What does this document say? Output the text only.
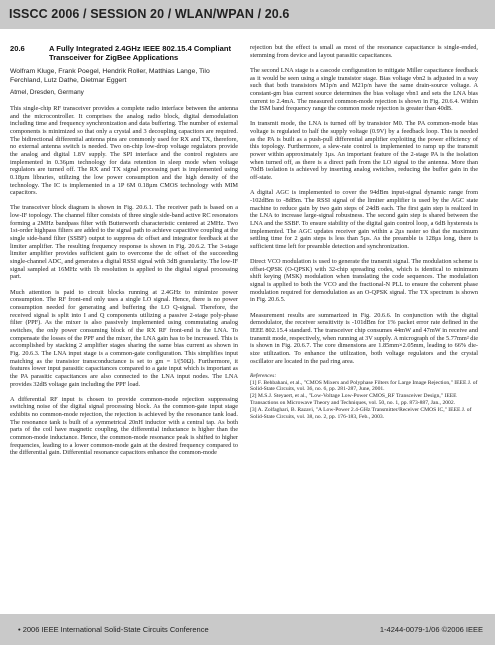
ISSCC 2006 / SESSION 20 / WLAN/WPAN / 20.6
20.6	A Fully Integrated 2.4GHz IEEE 802.15.4 Compliant Transceiver for ZigBee Applications
Wolfram Kluge, Frank Poegel, Hendrik Roller, Matthias Lange, Tilo Ferchland, Lutz Dathe, Dietmar Eggert
Atmel, Dresden, Germany

This single-chip RF transceiver provides a complete radio interface between the antenna and the microcontroller. It comprises the analog radio block, digital demodulation including time and frequency synchronization and data buffering. The number of external components is minimized so that only a crystal and 3 decoupling capacitors are required. The bidirectional differential antenna pins are commonly used for RX and TX, therefore, no external antenna switch is needed. Two on-chip low-drop voltage regulators provide the analog and digital 1.8V supply. The SPI interface and the control registers are implemented in 0.36µm technology for data retention in sleep mode when voltage regulators are turned off. The RX and TX signal processing part is implemented using 0.18µm libraries, utilizing the low power consumption and the high density of the technology. The IC is implemented in a 1P 6M 0.18µm CMOS technology with MIM capacitors.

The transceiver block diagram is shown in Fig. 20.6.1. The receiver path is based on a low-IF topology. The channel filter consists of three single side-band active RC resonators forming a 2MHz bandpass filter with Butterworth characteristic centered at 2MHz. Two 1st-order highpass filters are added to the signal path to achieve capacitive coupling at the single side-band filter (SSBF) output to suppress dc offset and integrator feedback at the limiter amplifier. The resulting frequency response is shown in Fig. 20.6.2. The 3-stage limiter amplifier provides sufficient gain to overcome the dc offset of the succeeding single-channel ADC, and generates a digital RSSI signal with 3dB granularity. The low-IF signal sampled at 16MHz with 1b resolution is applied to the digital signal processing part.

Much attention is paid to circuit blocks running at 2.4GHz to minimize power consumption. The RF front-end only uses a single LO signal. Hence, there is no power consumption needed for generating and buffering the LO Q-signal. Therefore, the received signal is split into I and Q components utilizing a passive 2-stage poly-phase filter (PPF). As the mixer is also passively implemented using commutating analog switches, the only power consuming block of the RX RF front-end is the LNA. To compensate the losses of the PPF and the mixer, the LNA gain has to be increased. This is accomplished by stacking 2 amplifier stages sharing the same bias current as shown in Fig. 20.6.3. The LNA input stage is a common-gate configuration. This simplifies input matching as the transistor transconductance is set to gm = 1/(50Ω). Furthermore, it features lower input parasitic capacitances compared to a gate input which is important as the PA parasitic capacitances are also connected to the LNA input nodes. The LNA provides 32dB voltage gain including the PPF load.

A differential RF input is chosen to provide common-mode rejection suppressing switching noise of the digital signal processing block. As the common-gate input stage exhibits no common-mode rejection, the rejection is achieved by the resonance tank load. The resonance tank is built of a symmetrical 20nH inductor with a central tap. As both parts of the coil have magnetic coupling, the differential inductance is higher than the common-mode inductance. Hence, the common-mode resonance peak is shifted to higher frequencies, leading to a lower common-mode gain at the desired frequency compared to the differential gain. Differential resonance capacitors enhance the common-mode

rejection but the effect is small as most of the resonance capacitance is single-ended, stemming from device and layout parasitic capacitances.

The second LNA stage is a cascode configuration to mitigate Miller capacitance feedback as it would be seen using a single transistor stage. Bias voltage vbn2 is adjusted in a way such that both transistors M1p/n and M21p/n have the same drain-source voltage. A constant-gm bias current source determines the bias voltage vbn1 and sets the LNA bias current to 2.4mA. The measured common-mode rejection is shown in Fig. 20.6.4. Within the ISM band frequency range the common mode rejection is greater than 40dB.

In transmit mode, the LNA is turned off by transistor M0. The PA common-mode bias voltage is regulated to half the supply voltage (0.9V) by a feedback loop. This is needed as the PA is built as a push-pull differential amplifier exploiting the power efficiency of this topology. Furthermore, a slew-rate control is implemented to ramp up the transmit power within approximately 1µs. An important feature of the 2-stage PA is the isolation when turned off, as there is a direct path from the LO signal to the antenna. More than 70dB isolation is achieved by inserting analog switches, reducing the buffer gain in the off-state.

A digital AGC is implemented to cover the 94dBm input-signal dynamic range from -102dBm to -8dBm. The RSSI signal of the limiter amplifier is used by the AGC state machine to reduce gain by two gain steps of 24dB each. The first gain step is realized in the LNA to increase large-signal robustness. The second gain step is shared between the LNA and the SSBF. To ensure stability of the digital gain control loop, a 6dB hysteresis is implemented. The AGC updates receiver gain within a 2µs raster so that the maximum settling time for 2 gain steps is less than 5µs. As the preamble is 128µs long, there is sufficient time left for preamble detection and synchronization.

Direct VCO modulation is used to generate the transmit signal. The modulation scheme is offset-QPSK (O-QPSK) with 32-chip spreading codes, which is identical to minimum shift keying (MSK) modulation when translating the code sequences. The modulation signal is applied to both the VCO and the fractional-N PLL to ensure the coherent phase modulation required for demodulation as an O-QPSK signal. The TX spectrum is shown in Fig. 20.6.5.

Measurement results are summarized in Fig. 20.6.6. In conjunction with the digital demodulator, the receiver sensitivity is -101dBm for 1% packet error rate defined in the IEEE 802.15.4 standard. The transceiver chip consumes 44mW and 47mW in receive and transmit mode, respectively, when running at 3V supply. A micrograph of the 5.77mm² die is shown in Fig. 20.6.7. The core dimensions are 1.85mm×2.05mm, leading to 66% die-size utilization. To enhance the utilization, both voltage regulators and the crystal oscillator are located in the pad ring area.

References:
[1] F. Behbahani, et al., "CMOS Mixers and Polyphase Filters for Large Image Rejection," IEEE J. of Solid-State Circuits, vol. 36, no. 6, pp. 281-287, June, 2001.
[2] M.S.J. Steyaert, et al., "Low-Voltage Low-Power CMOS_RF Transceiver Design," IEEE Transactions on Microwave Theory and Techniques, vol. 50, no. 1, pp. 873-887, Jan., 2002.
[3] A. Zolfaghari, B. Razavi, "A Low-Power 2.4-GHz Transmitter/Receiver CMOS IC," IEEE J. of Solid-State Circuits, vol. 38, no. 2, pp. 176-183, Feb., 2003.
• 2006 IEEE International Solid-State Circuits Conference	1-4244-0079-1/06 ©2006 IEEE
